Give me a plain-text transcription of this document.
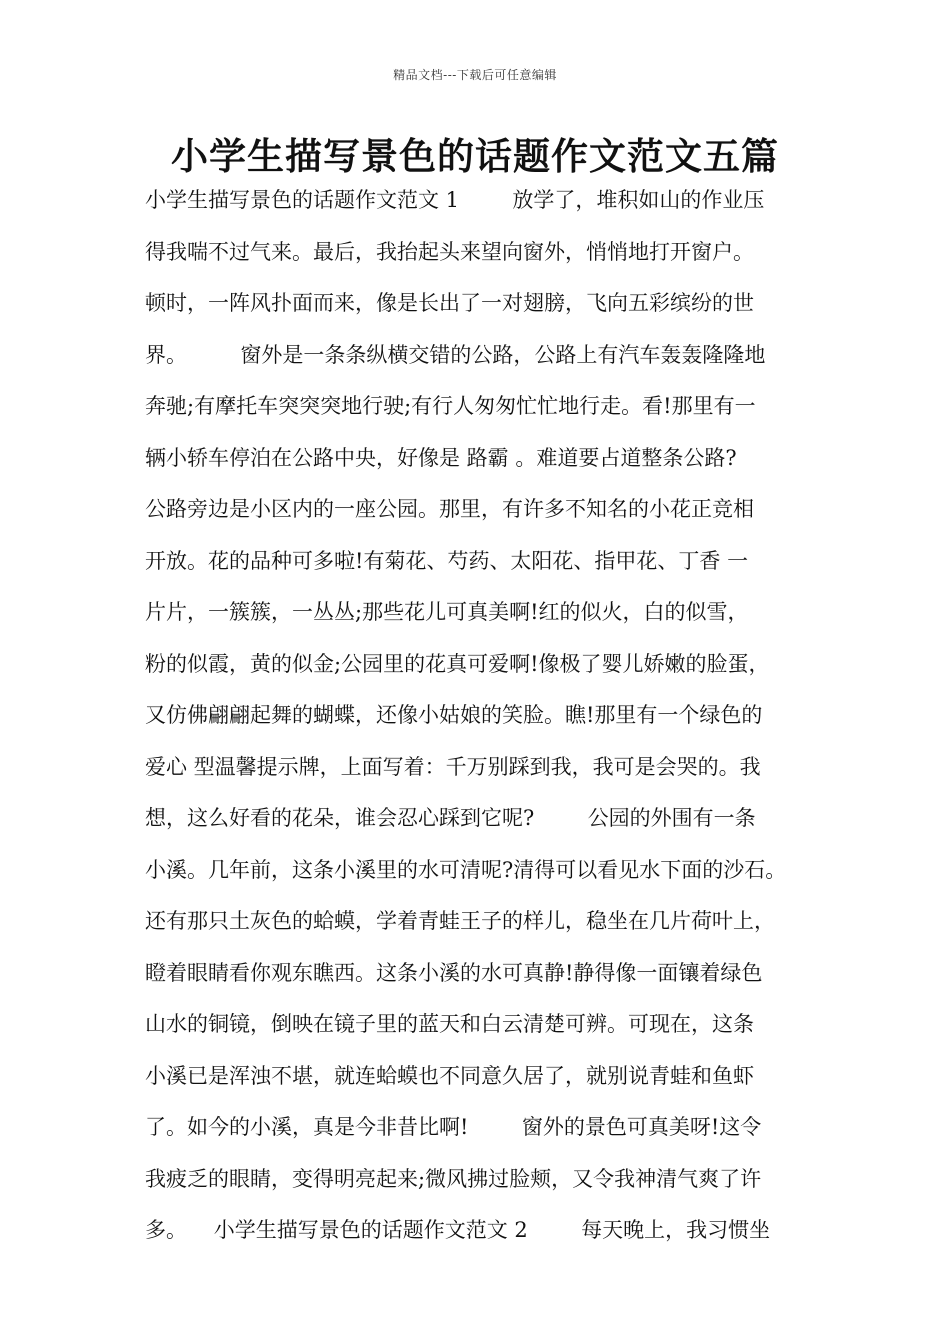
精品文档---下载后可任意编辑
小学生描写景色的话题作文范文五篇
小学生描写景色的话题作文范文 1        放学了，堆积如山的作业压
得我喘不过气来。最后，我抬起头来望向窗外，悄悄地打开窗户。
顿时，一阵风扑面而来，像是长出了一对翅膀，飞向五彩缤纷的世
界。        窗外是一条条纵横交错的公路，公路上有汽车轰轰隆隆地
奔驰;有摩托车突突突地行驶;有行人匆匆忙忙地行走。看!那里有一
辆小轿车停泊在公路中央，好像是 路霸 。难道要占道整条公路?
公路旁边是小区内的一座公园。那里，有许多不知名的小花正竞相
开放。花的品种可多啦!有菊花、芍药、太阳花、指甲花、丁香 一
片片，一簇簇，一丛丛;那些花儿可真美啊!红的似火，白的似雪，
粉的似霞，黄的似金;公园里的花真可爱啊!像极了婴儿娇嫩的脸蛋，
又仿佛翩翩起舞的蝴蝶，还像小姑娘的笑脸。瞧!那里有一个绿色的
爱心 型温馨提示牌，上面写着：千万别踩到我，我可是会哭的。我
想，这么好看的花朵，谁会忍心踩到它呢?        公园的外围有一条
小溪。几年前，这条小溪里的水可清呢?清得可以看见水下面的沙石。
还有那只土灰色的蛤蟆，学着青蛙王子的样儿，稳坐在几片荷叶上，
瞪着眼睛看你观东瞧西。这条小溪的水可真静!静得像一面镶着绿色
山水的铜镜，倒映在镜子里的蓝天和白云清楚可辨。可现在，这条
小溪已是浑浊不堪，就连蛤蟆也不同意久居了，就别说青蛙和鱼虾
了。如今的小溪，真是今非昔比啊!        窗外的景色可真美呀!这令
我疲乏的眼睛，变得明亮起来;微风拂过脸颊，又令我神清气爽了许
多。    小学生描写景色的话题作文范文 2        每天晚上，我习惯坐
